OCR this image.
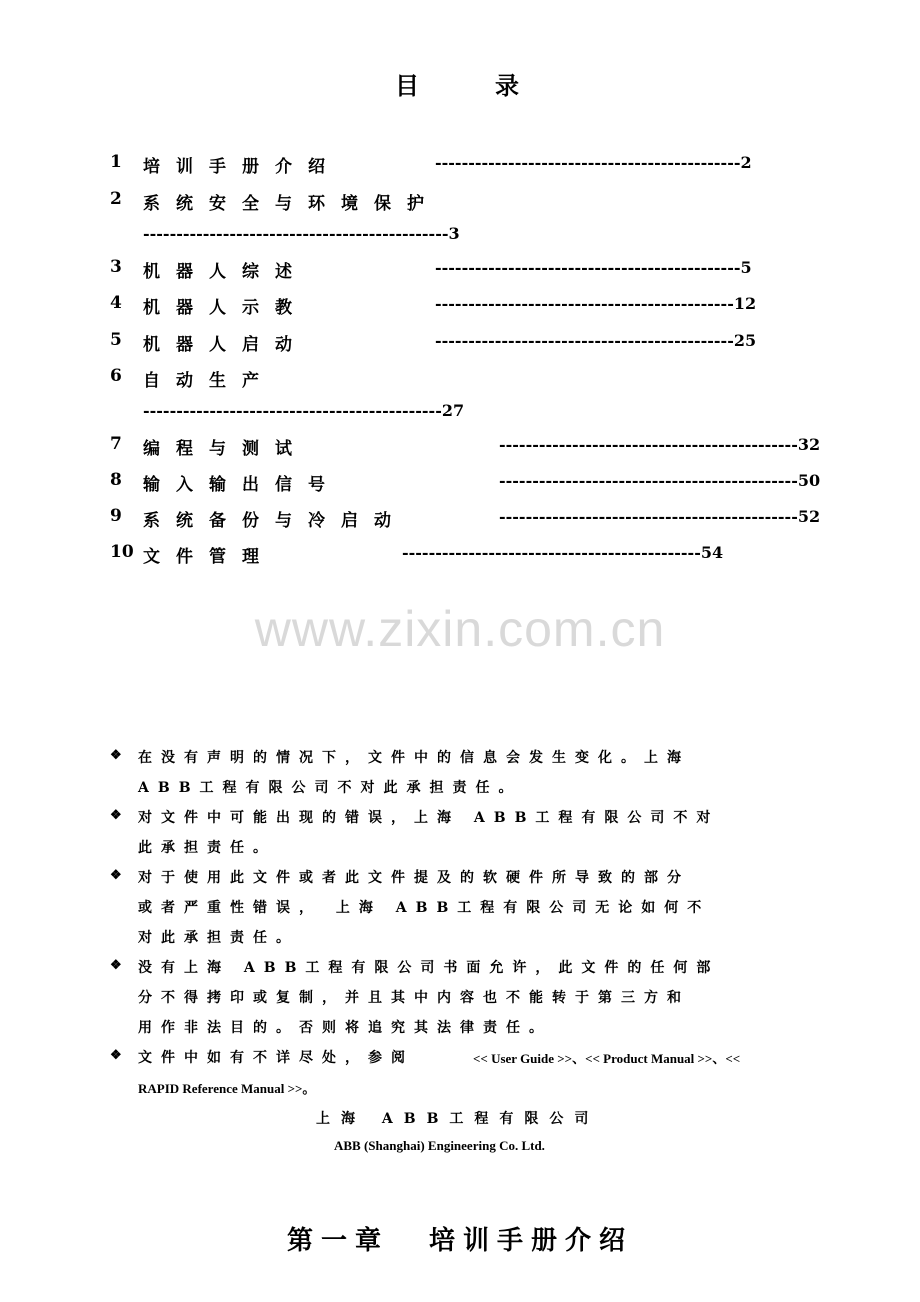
目	录
1 培训手册介绍	----------------------------------------------2
2 系统安全与环境保护
----------------------------------------------3
3 机器人综述	----------------------------------------------5
4 机器人示教	---------------------------------------------12
5 机器人启动	---------------------------------------------25
6 自动生产
---------------------------------------------27
7 编程与测试	---------------------------------------------32
8 输入输出信号	---------------------------------------------50
9 系统备份与冷启动	---------------------------------------------52
10 文件管理	---------------------------------------------54
www.zixin.com.cn
❖ 在没有声明的情况下，文件中的信息会发生变化。上海
ABB工程有限公司不对此承担责任。
❖ 对文件中可能出现的错误，上海 ABB工程有限公司不对
此承担责任。
❖ 对于使用此文件或者此文件提及的软硬件所导致的部分
或者严重性错误， 上海 ABB工程有限公司无论如何不
对此承担责任。
❖ 没有上海 ABB工程有限公司书面允许，此文件的任何部
分不得拷印或复制，并且其中内容也不能转于第三方和
用作非法目的。否则将追究其法律责任。
❖ 文件中如有不详尽处，参阅	<< User Guide >>、<< Product Manual >>、<<
RAPID Reference Manual >>。
上海 ABB工程有限公司
ABB (Shanghai) Engineering Co. Ltd.
第一章 培训手册介绍
